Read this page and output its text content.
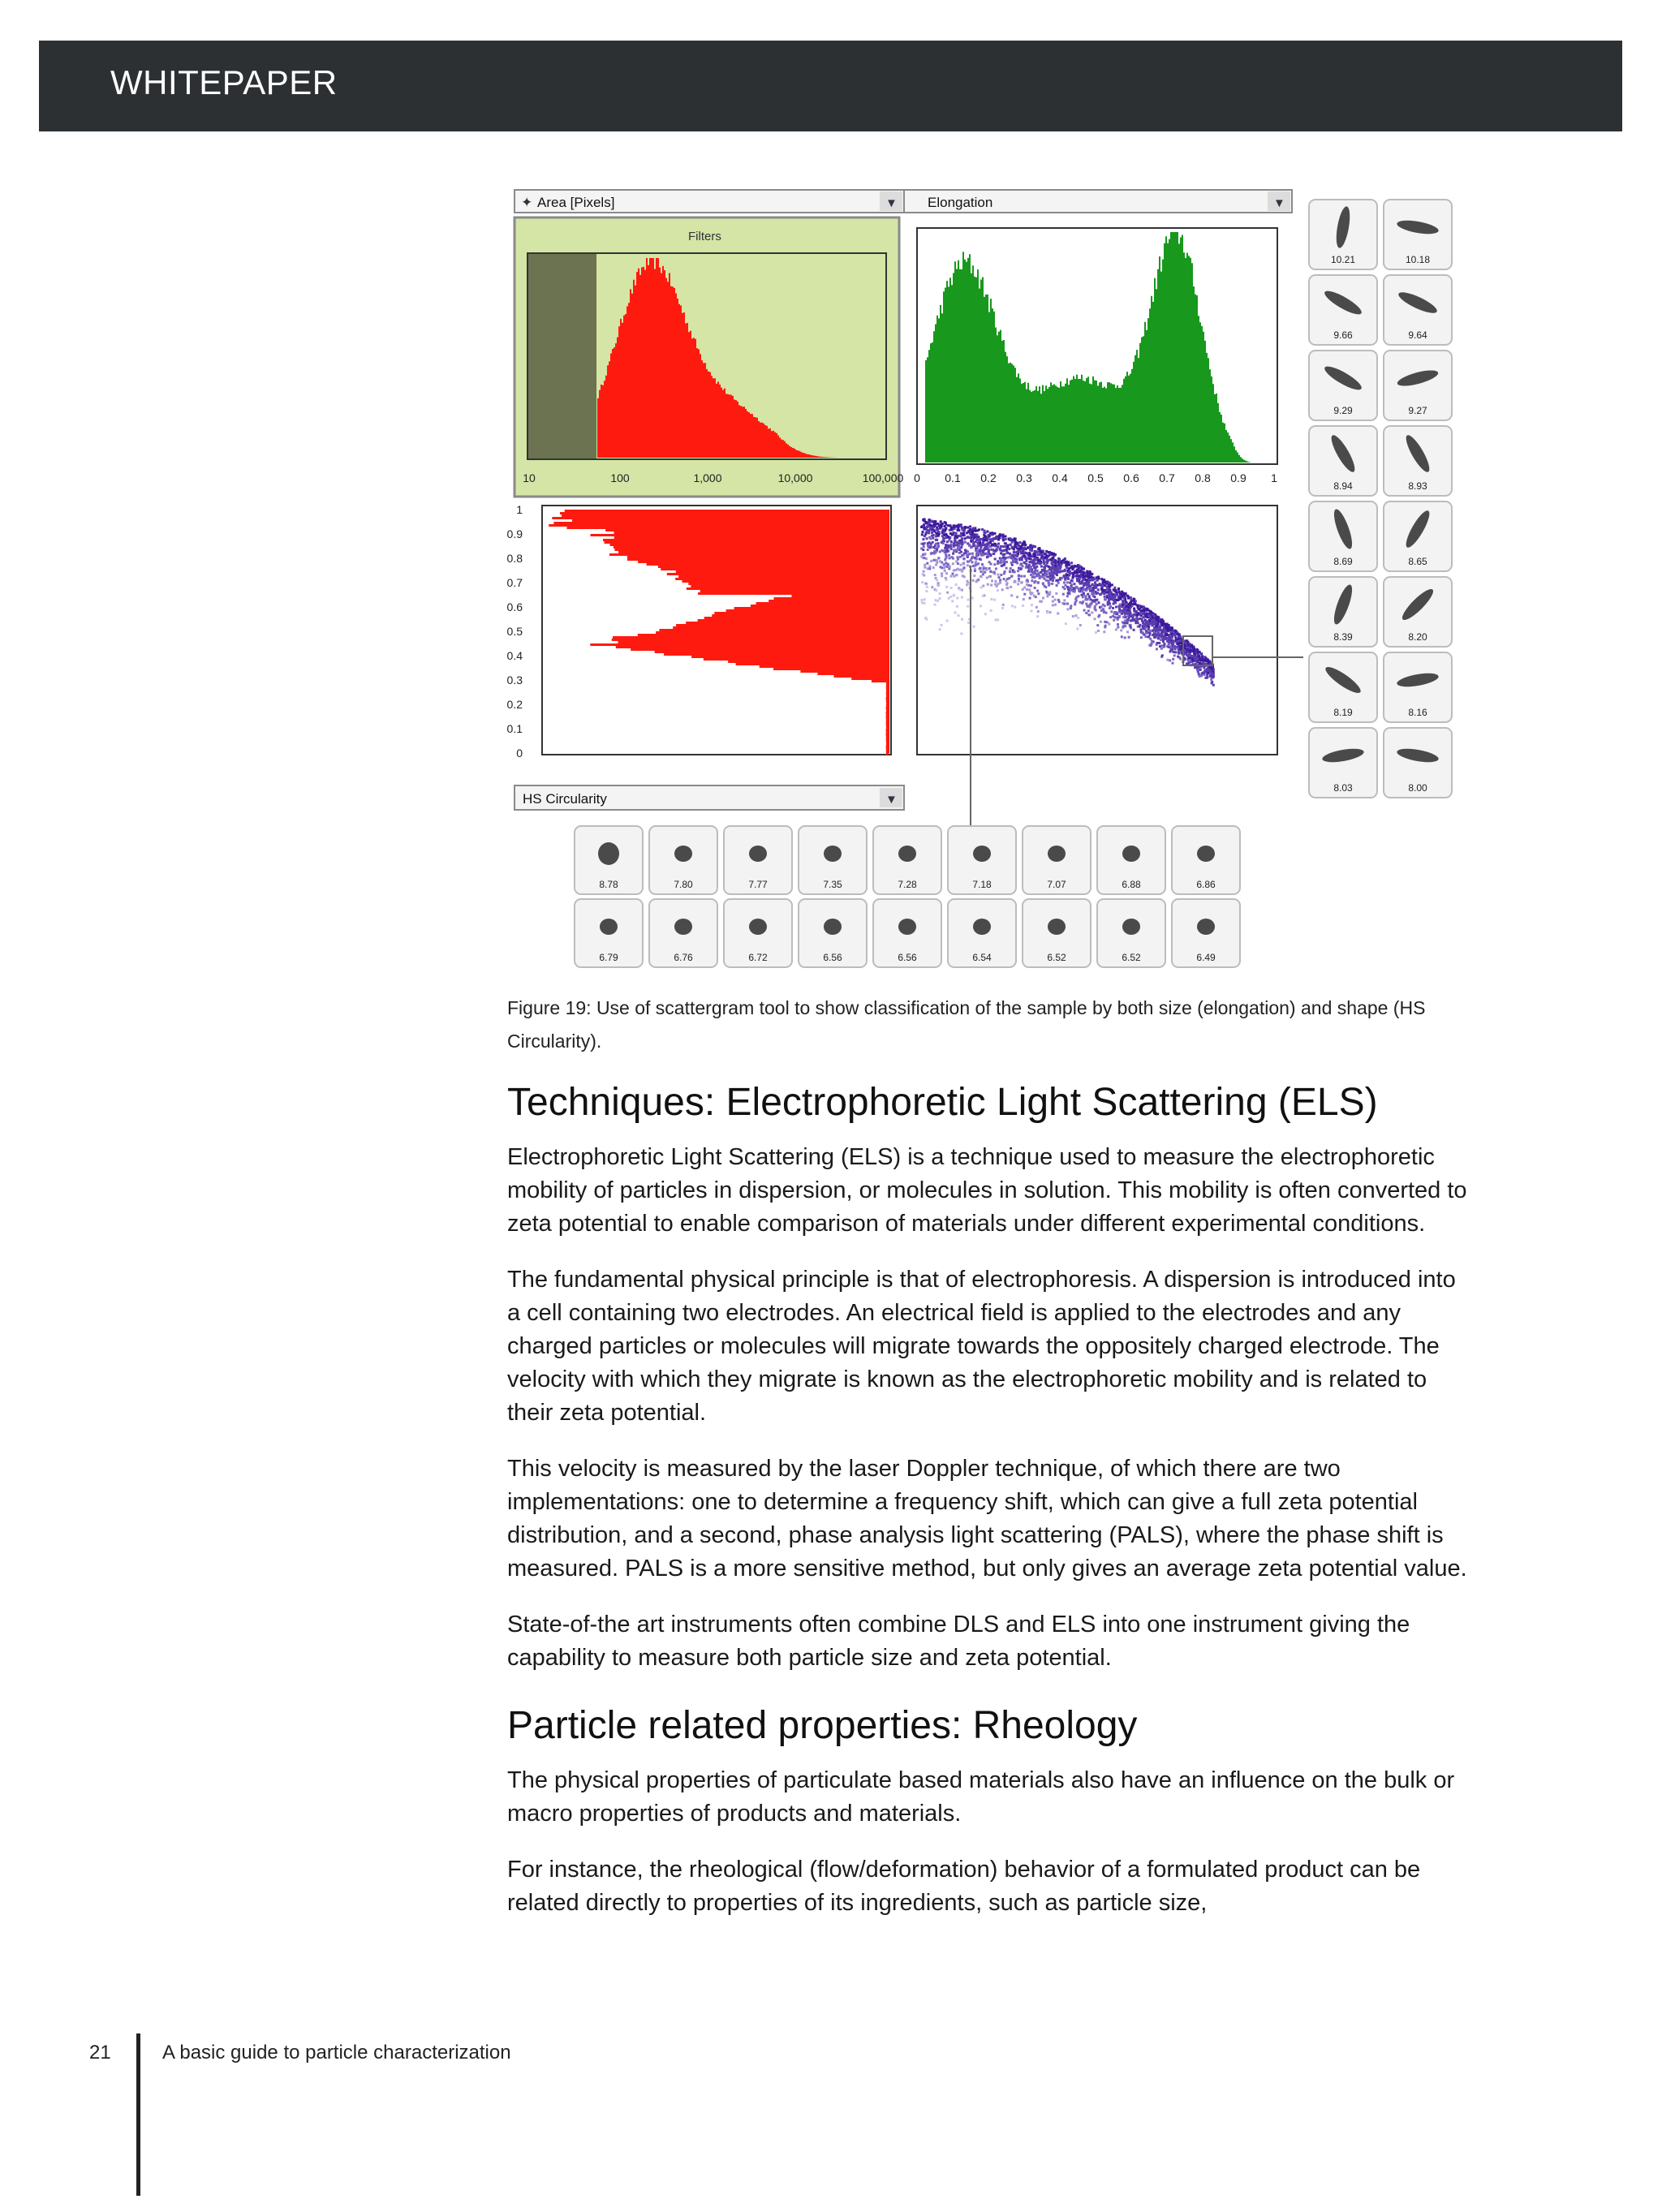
WHITEPAPER
✦ Area [Pixels]	▼ Elongation	▼
Filters
10	100	1,000	10,000	100,000 0 0.1 0.2 0.3 0.4 0.5 0.6 0.7 0.8 0.9 1
1
0.9
0.8
0.7
0.6
0.5
0.4
0.3
0.2
0.1
0
HS Circularity	▼
10.21	10.18
9.66	9.64
9.29	9.27
8.94	8.93
8.69	8.65
8.39	8.20
8.19	8.16
8.03	8.00
8.78	7.80	7.77	7.35	7.28	7.18	7.07	6.88	6.86
6.79	6.76	6.72	6.56	6.56	6.54	6.52	6.52	6.49
Figure 19: Use of scattergram tool to show classification of the sample by both size (elongation) and shape (HS Circularity).
Techniques: Electrophoretic Light Scattering (ELS)

Electrophoretic Light Scattering (ELS) is a technique used to measure the electrophoretic mobility of particles in dispersion, or molecules in solution. This mobility is often converted to zeta potential to enable comparison of materials under different experimental conditions.

The fundamental physical principle is that of electrophoresis. A dispersion is introduced into a cell containing two electrodes. An electrical field is applied to the electrodes and any charged particles or molecules will migrate towards the oppositely charged electrode. The velocity with which they migrate is known as the electrophoretic mobility and is related to their zeta potential.

This velocity is measured by the laser Doppler technique, of which there are two implementations: one to determine a frequency shift, which can give a full zeta potential distribution, and a second, phase analysis light scattering (PALS), where the phase shift is measured. PALS is a more sensitive method, but only gives an average zeta potential value.

State-of-the art instruments often combine DLS and ELS into one instrument giving the capability to measure both particle size and zeta potential.

Particle related properties: Rheology

The physical properties of particulate based materials also have an influence on the bulk or macro properties of products and materials.

For instance, the rheological (flow/deformation) behavior of a formulated product can be related directly to properties of its ingredients, such as particle size,

21	A basic guide to particle characterization
